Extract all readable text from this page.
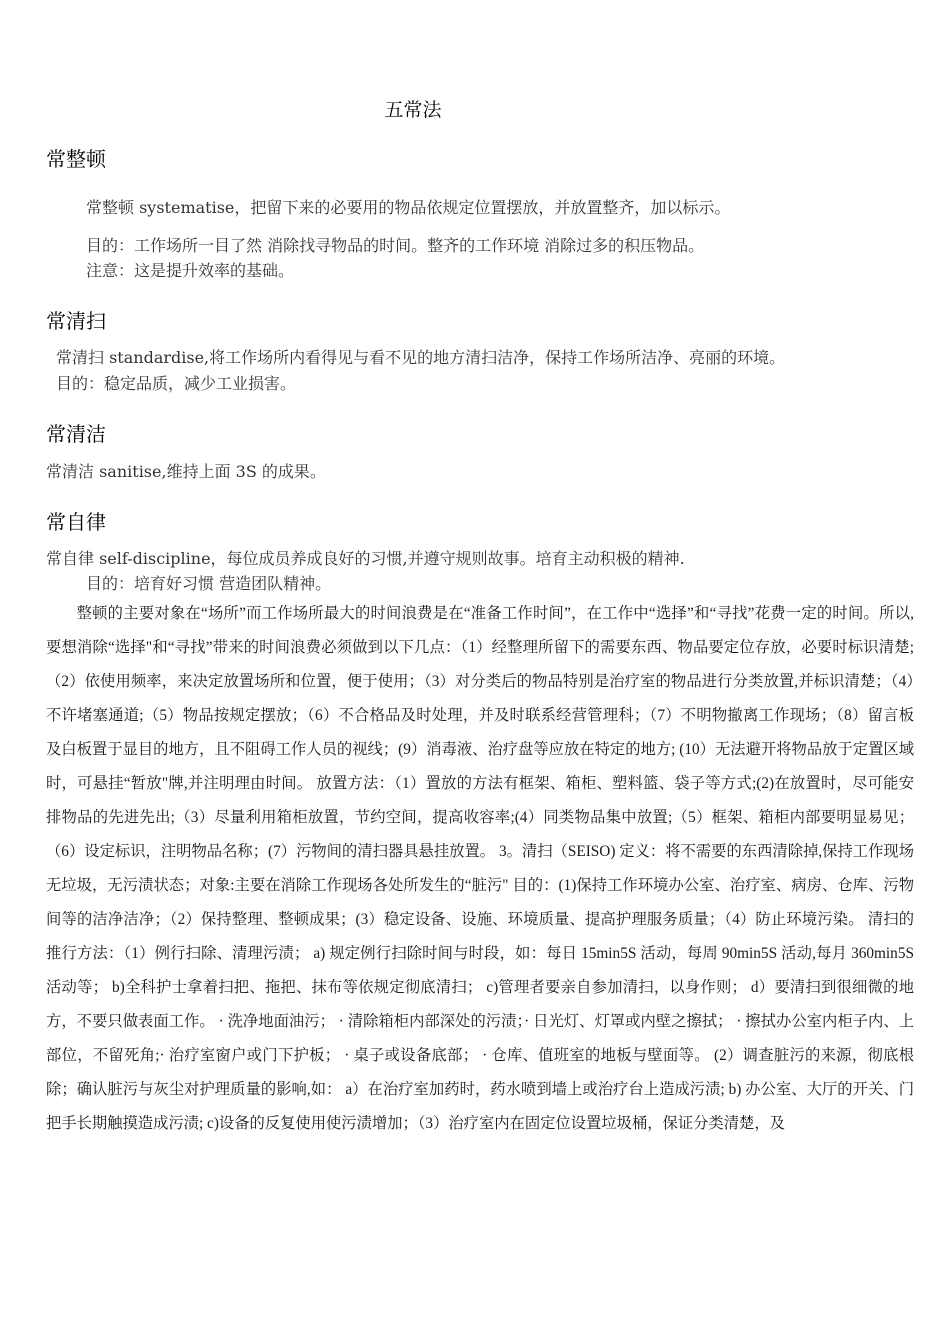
五常法
常整顿
常整顿 systematise，把留下来的必要用的物品依规定位置摆放，并放置整齐，加以标示。
目的：工作场所一目了然 消除找寻物品的时间。整齐的工作环境 消除过多的积压物品。
注意：这是提升效率的基础。
常清扫
常清扫 standardise,将工作场所内看得见与看不见的地方清扫洁净，保持工作场所洁净、亮丽的环境。
目的：稳定品质，减少工业损害。
常清洁
常清洁 sanitise,维持上面 3S 的成果。
常自律
常自律 self-discipline，每位成员养成良好的习惯,并遵守规则故事。培育主动积极的精神.
目的：培育好习惯 营造团队精神。

整顿的主要对象在“场所”而工作场所最大的时间浪费是在“准备工作时间”，在工作中“选择”和“寻找”花费一定的时间。所以,要想消除“选择"和“寻找”带来的时间浪费必须做到以下几点：（1）经整理所留下的需要东西、物品要定位存放，必要时标识清楚;（2）依使用频率，来决定放置场所和位置，便于使用；（3）对分类后的物品特别是治疗室的物品进行分类放置,并标识清楚；（4）不许堵塞通道;（5）物品按规定摆放；（6）不合格品及时处理，并及时联系经营管理科；（7）不明物撤离工作现场；（8）留言板及白板置于显目的地方，且不阻碍工作人员的视线；(9）消毒液、治疗盘等应放在特定的地方; (10）无法避开将物品放于定置区域时，可悬挂“暂放"牌,并注明理由时间。 放置方法：（1）置放的方法有框架、箱柜、塑料篮、袋子等方式;(2)在放置时，尽可能安排物品的先进先出;（3）尽量利用箱柜放置，节约空间，提高收容率;(4）同类物品集中放置;（5）框架、箱柜内部要明显易见；（6）设定标识，注明物品名称；(7）污物间的清扫器具悬挂放置。 3。清扫（SEISO) 定义：将不需要的东西清除掉,保持工作现场无垃圾，无污渍状态；对象:主要在消除工作现场各处所发生的“脏污" 目的：(1)保持工作环境办公室、治疗室、病房、仓库、污物间等的洁净洁净；（2）保持整理、整顿成果；(3）稳定设备、设施、环境质量、提高护理服务质量；（4）防止环境污染。 清扫的推行方法：（1）例行扫除、清理污渍； a) 规定例行扫除时间与时段，如：每日 15min5S 活动，每周 90min5S 活动,每月 360min5S 活动等； b)全科护士拿着扫把、拖把、抹布等依规定彻底清扫； c)管理者要亲自参加清扫，以身作则； d）要清扫到很细微的地方，不要只做表面工作。 · 洗净地面油污； · 清除箱柜内部深处的污渍；· 日光灯、灯罩或内壁之擦拭； · 擦拭办公室内柜子内、上部位，不留死角;· 治疗室窗户或门下护板； · 桌子或设备底部； · 仓库、值班室的地板与壁面等。 (2）调查脏污的来源，彻底根除；确认脏污与灰尘对护理质量的影响,如： a）在治疗室加药时，药水喷到墙上或治疗台上造成污渍; b) 办公室、大厅的开关、门把手长期触摸造成污渍; c)设备的反复使用使污渍增加；（3）治疗室内在固定位设置垃圾桶，保证分类清楚，及
